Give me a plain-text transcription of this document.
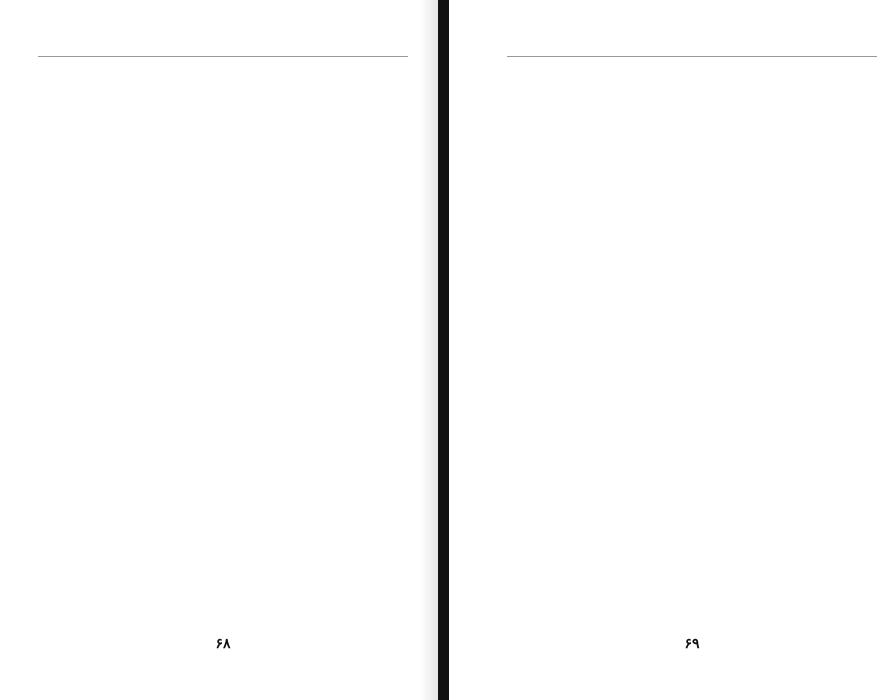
۶۸	۶۹
